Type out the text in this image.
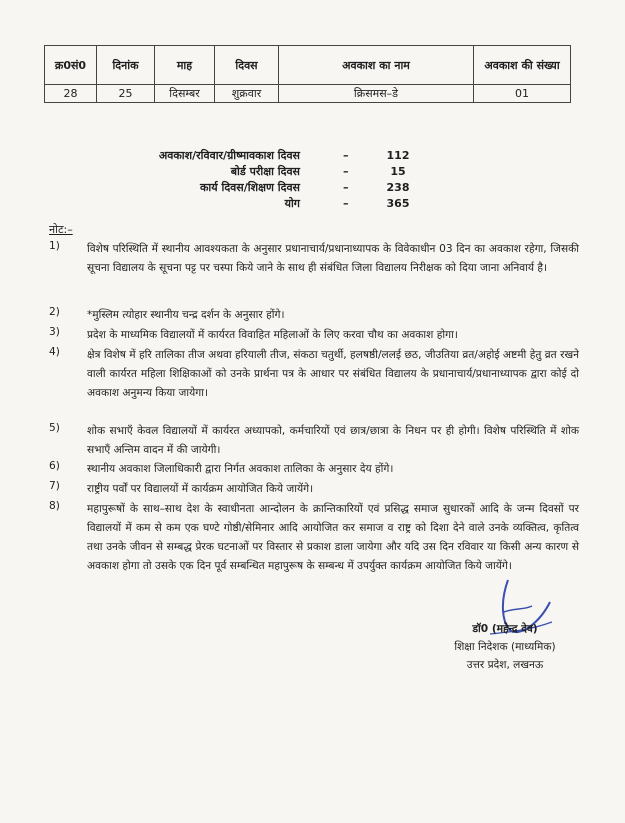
क्र0सं0	दिनांक	माह	दिवस	अवकाश का नाम	अवकाश की संख्या
28	25	दिसम्बर	शुक्रवार	क्रिसमस–डे	01
अवकाश/रविवार/ग्रीष्मावकाश दिवस	–	112
बोर्ड परीक्षा दिवस	–	15
कार्य दिवस/शिक्षण दिवस	–	238
योग	–	365
नोट:–
1)	विशेष परिस्थिति में स्थानीय आवश्यकता के अनुसार प्रधानाचार्य/प्रधानाध्यापक के विवेकाधीन 03 दिन का अवकाश रहेगा, जिसकी सूचना विद्यालय के सूचना पट्ट पर चस्पा किये जाने के साथ ही संबंधित जिला विद्यालय निरीक्षक को दिया जाना अनिवार्य है।
2)	*मुस्लिम त्योहार स्थानीय चन्द्र दर्शन के अनुसार होंगे।
3)	प्रदेश के माध्यमिक विद्यालयों में कार्यरत विवाहित महिलाओं के लिए करवा चौथ का अवकाश होगा।
4)	क्षेत्र विशेष में हरि तालिका तीज अथवा हरियाली तीज, संकठा चतुर्थी, हलषष्ठी/ललई छठ, जीउतिया व्रत/अहोई अष्टमी हेतु व्रत रखने वाली कार्यरत महिला शिक्षिकाओं को उनके प्रार्थना पत्र के आधार पर संबंधित विद्यालय के प्रधानाचार्य/प्रधानाध्यापक द्वारा कोई दो अवकाश अनुमन्य किया जायेगा।
5)	शोक सभाएँ केवल विद्यालयों में कार्यरत अध्यापको, कर्मचारियों एवं छात्र/छात्रा के निधन पर ही होगी। विशेष परिस्थिति में शोक सभाएँ अन्तिम वादन में की जायेगी।
6)	स्थानीय अवकाश जिलाधिकारी द्वारा निर्गत अवकाश तालिका के अनुसार देय होंगे।
7)	राष्ट्रीय पर्वों पर विद्यालयों में कार्यक्रम आयोजित किये जायेंगे।
8)	महापुरूषों के साथ–साथ देश के स्वाधीनता आन्दोलन के क्रान्तिकारियों एवं प्रसिद्ध समाज सुधारकों आदि के जन्म दिवसों पर विद्यालयों में कम से कम एक घण्टे गोष्ठी/सेमिनार आदि आयोजित कर समाज व राष्ट्र को दिशा देने वाले उनके व्यक्तित्व, कृतित्व तथा उनके जीवन से सम्बद्ध प्रेरक घटनाओं पर विस्तार से प्रकाश डाला जायेगा और यदि उस दिन रविवार या किसी अन्य कारण से अवकाश होगा तो उसके एक दिन पूर्व सम्बन्धित महापुरूष के सम्बन्ध में उपर्युक्त कार्यक्रम आयोजित किये जायेंगे।
डॉ0 (महेन्द्र देव)
शिक्षा निदेशक (माध्यमिक)
उत्तर प्रदेश, लखनऊ
